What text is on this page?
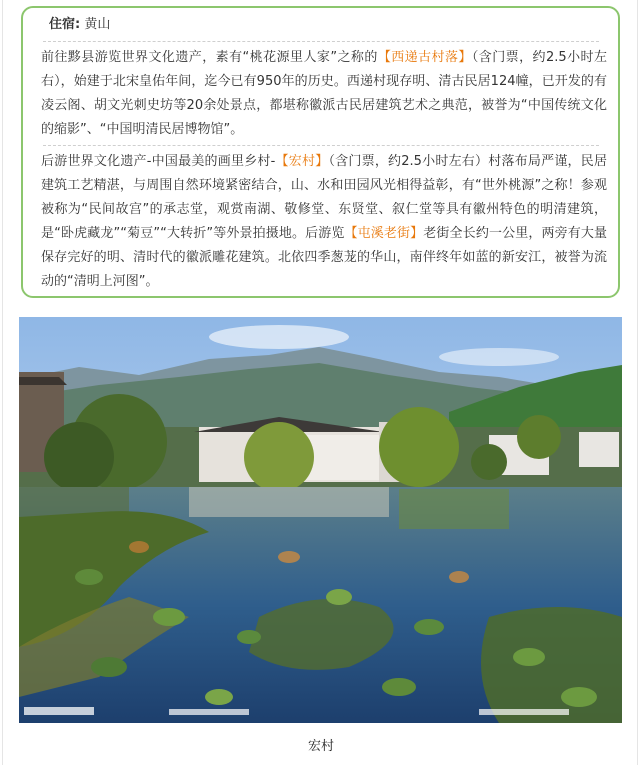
住宿: 黄山

前往黟县游览世界文化遗产，素有“桃花源里人家”之称的【西递古村落】（含门票，约2.5小时左右），始建于北宋皇佑年间，迄今已有950年的历史。西递村现存明、清古民居124幢，已开发的有凌云阁、胡文光刺史坊等20余处景点，都堪称徽派古民居建筑艺术之典范，被誉为“中国传统文化的缩影”、“中国明清民居博物馆”。

后游世界文化遗产-中国最美的画里乡村-【宏村】（含门票，约2.5小时左右）村落布局严谨，民居建筑工艺精湛，与周围自然环境紧密结合，山、水和田园风光相得益彰，有“世外桃源”之称！参观被称为“民间故宫”的承志堂，观赏南湖、敬修堂、东贤堂、叙仁堂等具有徽州特色的明清建筑，是“卧虎藏龙”“菊豆”“大转折”等外景拍摄地。后游览【屯溪老街】老街全长约一公里，两旁有大量保存完好的明、清时代的徽派雕花建筑。北依四季葱茏的华山，南伴终年如蓝的新安江，被誉为流动的“清明上河图”。

宏村
